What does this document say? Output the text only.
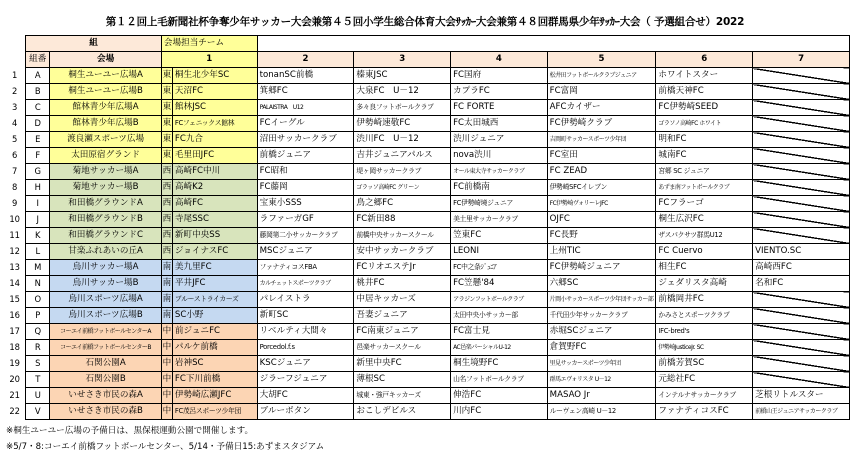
第１２回上毛新聞社杯争奪少年サッカー大会兼第４５回小学生総合体育大会ｻｯｶｰ大会兼第４８回群馬県少年ｻｯｶｰ大会（ 予選組合せ）2022
	組		会場担当チーム							
	組番	会場	1		2	3	4	5	6	7
1	A	桐生ユーユー広場A	東	桐生北少年SC	tonanSC前橋	榛東JSC	FC国府	松井田フットボールクラブジュニア	ホワイトスター	
2	B	桐生ユーユー広場B	東	天沼FC	箕郷FC	大泉FC　U－12	カプラFC	FC富岡	前橋天神FC	
3	C	館林青少年広場A	東	館林JSC	PALAISTRA　U12	多々良フットボールクラブ	FC FORTE	AFCカイザー	FC伊勢崎SEED	
4	D	館林青少年広場B	東	FCフェニックス館林	FCイーグル	伊勢崎速敬FC	FC太田城西	FC伊勢崎クラブ	ゴラソノ高崎FC ホワイト	
5	E	渡良瀬スポーツ広場	東	FC九合	沼田サッカークラブ	渋川FC　U－12	渋川ジュニア	吉岡町サッカースポーツ少年団	明和FC	
6	F	太田原宿グランド	東	毛里田JFC	前橋ジュニア	吉井ジュニアパルス	nova渋川	FC室田	城南FC	
7	G	菊地サッカー場A	西	高崎FC中川	FC昭和	堤ヶ岡サッカークラブ	オール東大寺サッカークラブ	FC ZEAD	宮郷 SC ジュニア	
8	H	菊地サッカー場B	西	高崎K2	FC藤岡	ゴラッソ高崎FC グリーン	FC前橋南	伊勢崎SFCイレブン	あずま南フットボールクラブ	
9	I	和田橋グラウンドA	西	高崎FC	宝東小SSS	鳥之郷FC	FC伊勢崎境ジュニア	FC伊勢崎ヴォリーレJFC	FCフラーゴ	
10	J	和田橋グラウンドB	西	寺尾SSC	ラファーガGF	FC新田88	美土里サッカークラブ	OJFC	桐生広沢FC	
11	K	和田橋グラウンドC	西	新町中央SS	藤岡第二小サッカークラブ	前橋中央サッカースクール	笠東FC	FC長野	ザスパクサツ群馬U12	
12	L	甘楽ふれあいの丘A	西	ジョイナスFC	MSCジュニア	安中サッカークラブ	LEONI	上州TIC	FC Cuervo	VIENTO.SC
13	M	烏川サッカー場A	南	美九里FC	ファナティコスFBA	FCリオエステJr	FC中之条ｼﾞｭﾆｱ	FC伊勢崎ジュニア	相生FC	高崎西FC
14	N	烏川サッカー場B	南	平井JFC	カルチェットスポーツクラブ	桃井FC	FC笠懸'84	六郷SC	ジェダリスタ高崎	名和FC
15	O	烏川スポーツ広場A	南	ブルーストライカーズ	パレイストラ	中居キッカーズ	アラジンフットボールクラブ	片岡小サッカースポーツ少年団サッカー部	前橋岡井FC	
16	P	烏川スポーツ広場B	南	SC小野	新町SC	吾妻ジュニア	太田中央小サッカー部	千代田少年サッカークラブ	かみさとスポーツクラブ	
17	Q	コーエイ前橋フットボールセンターA	中	前ジュニFC	リベルティ大間々	FC南東ジュニア	FC富士見	赤堀SCジュニア	IFC-bred's	
18	R	コーエイ前橋フットボールセンターB	中	パルケ前橋	Porcedol.f.s	邑楽サッカースクール	AC邑楽パーシャルU-12	倉賀野FC	伊勢崎JusticeJr. SC	
19	S	石関公園A	中	岩神SC	KSCジュニア	新里中央FC	桐生境野FC	里見サッカースポーツ少年団	前橋芳賀SC	
20	T	石関公園B	中	FC下川前橋	ジラーフジュニア	薄根SC	山名フットボールクラブ	群馬エヴォリスタ U－12	元総社FC	
21	U	いせさき市民の森A	中	伊勢崎広瀬JFC	大胡FC	城東・強戸キッカーズ	伸浩FC	MASAO Jr	インテルナサッカークラブ	芝根リトルスター
22	V	いせさき市民の森B	中	FC茂呂スポーツ少年団	ブルーボタン	おこしデビルス	川内FC	ルーヴェン高崎 U－12	ファナティコスFC	前橋山王ジュニアサッカークラブ
※桐生ユーユー広場の予備日は、黒保根運動公園で開催します。
※5/7・8:コーエイ前橋フットボールセンター、5/14・予備日15:あずまスタジアム
